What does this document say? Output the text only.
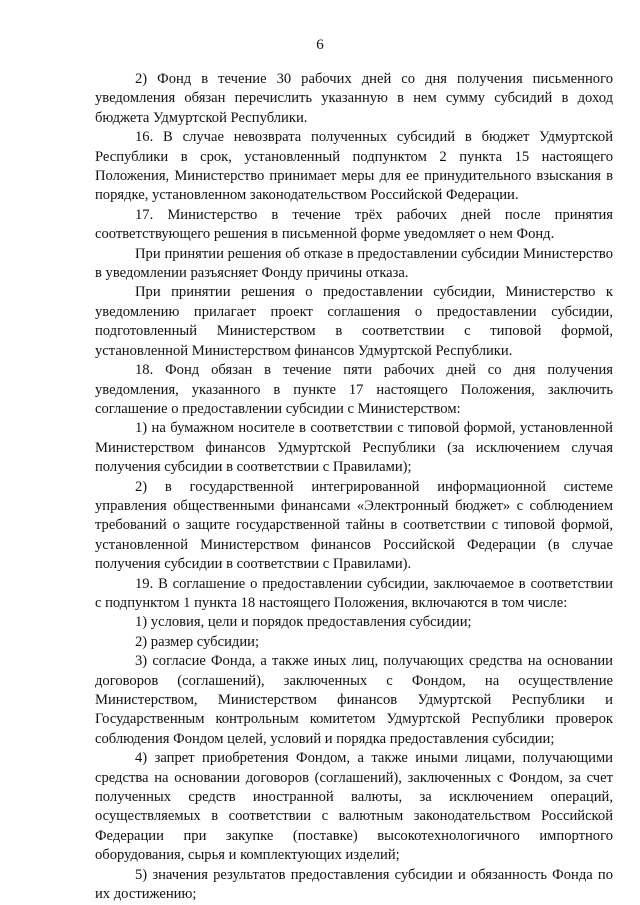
6

2) Фонд в течение 30 рабочих дней со дня получения письменного уведомления обязан перечислить указанную в нем сумму субсидий в доход бюджета Удмуртской Республики.

16. В случае невозврата полученных субсидий в бюджет Удмуртской Республики в срок, установленный подпунктом 2 пункта 15 настоящего Положения, Министерство принимает меры для ее принудительного взыскания в порядке, установленном законодательством Российской Федерации.

17. Министерство в течение трёх рабочих дней после принятия соответствующего решения в письменной форме уведомляет о нем Фонд.

При принятии решения об отказе в предоставлении субсидии Министерство в уведомлении разъясняет Фонду причины отказа.

При принятии решения о предоставлении субсидии, Министерство к уведомлению прилагает проект соглашения о предоставлении субсидии, подготовленный Министерством в соответствии с типовой формой, установленной Министерством финансов Удмуртской Республики.

18. Фонд обязан в течение пяти рабочих дней со дня получения уведомления, указанного в пункте 17 настоящего Положения, заключить соглашение о предоставлении субсидии с Министерством:

1) на бумажном носителе в соответствии с типовой формой, установленной Министерством финансов Удмуртской Республики (за исключением случая получения субсидии в соответствии с Правилами);

2) в государственной интегрированной информационной системе управления общественными финансами «Электронный бюджет» с соблюдением требований о защите государственной тайны в соответствии с типовой формой, установленной Министерством финансов Российской Федерации (в случае получения субсидии в соответствии с Правилами).

19. В соглашение о предоставлении субсидии, заключаемое в соответствии с подпунктом 1 пункта 18 настоящего Положения, включаются в том числе:

1) условия, цели и порядок предоставления субсидии;

2) размер субсидии;

3) согласие Фонда, а также иных лиц, получающих средства на основании договоров (соглашений), заключенных с Фондом, на осуществление Министерством, Министерством финансов Удмуртской Республики и Государственным контрольным комитетом Удмуртской Республики проверок соблюдения Фондом целей, условий и порядка предоставления субсидии;

4) запрет приобретения Фондом, а также иными лицами, получающими средства на основании договоров (соглашений), заключенных с Фондом, за счет полученных средств иностранной валюты, за исключением операций, осуществляемых в соответствии с валютным законодательством Российской Федерации при закупке (поставке) высокотехнологичного импортного оборудования, сырья и комплектующих изделий;

5) значения результатов предоставления субсидии и обязанность Фонда по их достижению;
